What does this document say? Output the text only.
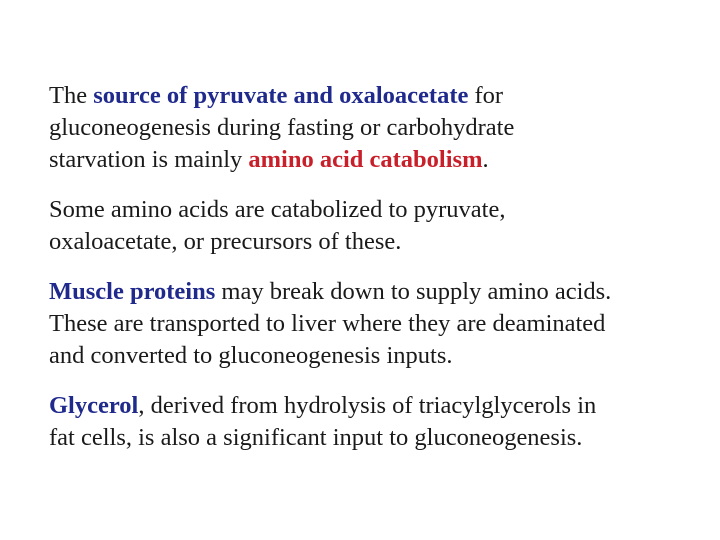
The source of pyruvate and oxaloacetate for
gluconeogenesis during fasting or carbohydrate
starvation is mainly amino acid catabolism.

Some amino acids are catabolized to pyruvate,
oxaloacetate, or precursors of these.

Muscle proteins may break down to supply amino acids.
These are transported to liver where they are deaminated
and converted to gluconeogenesis inputs.

Glycerol, derived from hydrolysis of triacylglycerols in
fat cells, is also a significant input to gluconeogenesis.
